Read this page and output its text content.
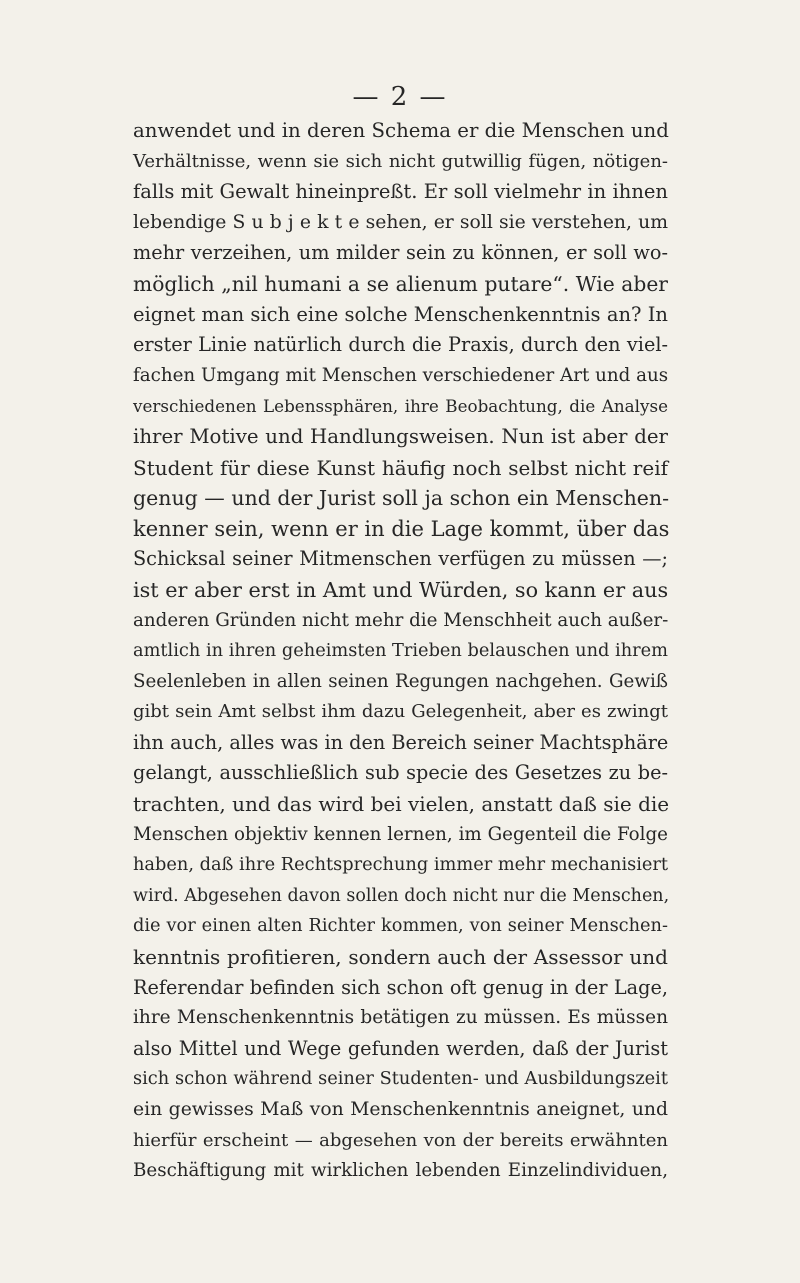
— 2 —
anwendet und in deren Schema er die Menschen und
Verhältnisse, wenn sie sich nicht gutwillig fügen, nötigen-
falls mit Gewalt hineinpreßt. Er soll vielmehr in ihnen
lebendige S u b j e k t e sehen, er soll sie verstehen, um
mehr verzeihen, um milder sein zu können, er soll wo-
möglich „nil humani a se alienum putare“. Wie aber
eignet man sich eine solche Menschenkenntnis an? In
erster Linie natürlich durch die Praxis, durch den viel-
fachen Umgang mit Menschen verschiedener Art und aus
verschiedenen Lebenssphären, ihre Beobachtung, die Analyse
ihrer Motive und Handlungsweisen. Nun ist aber der
Student für diese Kunst häufig noch selbst nicht reif
genug — und der Jurist soll ja schon ein Menschen-
kenner sein, wenn er in die Lage kommt, über das
Schicksal seiner Mitmenschen verfügen zu müssen —;
ist er aber erst in Amt und Würden, so kann er aus
anderen Gründen nicht mehr die Menschheit auch außer-
amtlich in ihren geheimsten Trieben belauschen und ihrem
Seelenleben in allen seinen Regungen nachgehen. Gewiß
gibt sein Amt selbst ihm dazu Gelegenheit, aber es zwingt
ihn auch, alles was in den Bereich seiner Machtsphäre
gelangt, ausschließlich sub specie des Gesetzes zu be-
trachten, und das wird bei vielen, anstatt daß sie die
Menschen objektiv kennen lernen, im Gegenteil die Folge
haben, daß ihre Rechtsprechung immer mehr mechanisiert
wird. Abgesehen davon sollen doch nicht nur die Menschen,
die vor einen alten Richter kommen, von seiner Menschen-
kenntnis profitieren, sondern auch der Assessor und
Referendar befinden sich schon oft genug in der Lage,
ihre Menschenkenntnis betätigen zu müssen. Es müssen
also Mittel und Wege gefunden werden, daß der Jurist
sich schon während seiner Studenten- und Ausbildungszeit
ein gewisses Maß von Menschenkenntnis aneignet, und
hierfür erscheint — abgesehen von der bereits erwähnten
Beschäftigung mit wirklichen lebenden Einzelindividuen,
